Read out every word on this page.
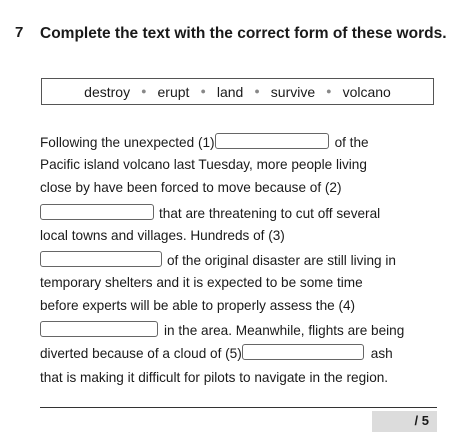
7 Complete the text with the correct form of these words.
destroy	● erupt	● land	● survive	● volcano
Following the unexpected (1)	of the
Pacific island volcano last Tuesday, more people living
close by have been forced to move because of (2)
that are threatening to cut off several
local towns and villages. Hundreds of (3)
of the original disaster are still living in
temporary shelters and it is expected to be some time
before experts will be able to properly assess the (4)
in the area. Meanwhile, flights are being
diverted because of a cloud of (5)	ash
that is making it difficult for pilots to navigate in the region.
/ 5
